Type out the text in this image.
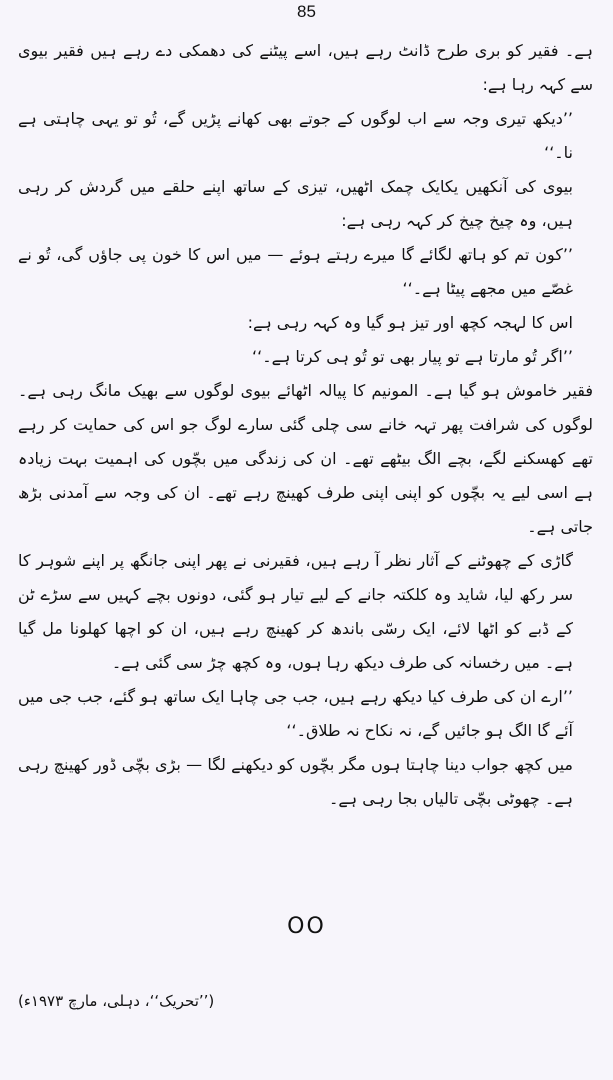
85

ہے۔ فقیر کو بری طرح ڈانٹ رہے ہیں، اسے پیٹنے کی دھمکی دے رہے ہیں فقیر بیوی سے کہہ رہا ہے:

’’دیکھ تیری وجہ سے اب لوگوں کے جوتے بھی کھانے پڑیں گے، تُو تو یہی چاہتی ہے نا۔‘‘

بیوی کی آنکھیں یکایک چمک اٹھیں، تیزی کے ساتھ اپنے حلقے میں گردش کر رہی ہیں، وہ چیخ چیخ کر کہہ رہی ہے:

’’کون تم کو ہاتھ لگائے گا میرے رہتے ہوئے — میں اس کا خون پی جاؤں گی، تُو نے غصّے میں مجھے پیٹا ہے۔‘‘

اس کا لہجہ کچھ اور تیز ہو گیا وہ کہہ رہی ہے:

’’اگر تُو مارتا ہے تو پیار بھی تو تُو ہی کرتا ہے۔‘‘

فقیر خاموش ہو گیا ہے۔ المونیم کا پیالہ اٹھائے بیوی لوگوں سے بھیک مانگ رہی ہے۔ لوگوں کی شرافت پھر تہہ خانے سی چلی گئی سارے لوگ جو اس کی حمایت کر رہے تھے کھسکنے لگے، بچے الگ بیٹھے تھے۔ ان کی زندگی میں بچّوں کی اہمیت بہت زیادہ ہے اسی لیے یہ بچّوں کو اپنی اپنی طرف کھینچ رہے تھے۔ ان کی وجہ سے آمدنی بڑھ جاتی ہے۔

گاڑی کے چھوٹنے کے آثار نظر آ رہے ہیں، فقیرنی نے پھر اپنی جانگھ پر اپنے شوہر کا سر رکھ لیا، شاید وہ کلکتہ جانے کے لیے تیار ہو گئی، دونوں بچے کہیں سے سڑے ٹن کے ڈبے کو اٹھا لائے، ایک رسّی باندھ کر کھینچ رہے ہیں، ان کو اچھا کھلونا مل گیا ہے۔ میں رخسانہ کی طرف دیکھ رہا ہوں، وہ کچھ چڑ سی گئی ہے۔

’’ارے ان کی طرف کیا دیکھ رہے ہیں، جب جی چاہا ایک ساتھ ہو گئے، جب جی میں آئے گا الگ ہو جائیں گے، نہ نکاح نہ طلاق۔‘‘

میں کچھ جواب دینا چاہتا ہوں مگر بچّوں کو دیکھنے لگا — بڑی بچّی ڈور کھینچ رہی ہے۔ چھوٹی بچّی تالیاں بجا رہی ہے۔

OO
(’’تحریک‘‘، دہلی، مارچ ۱۹۷۳ء)
